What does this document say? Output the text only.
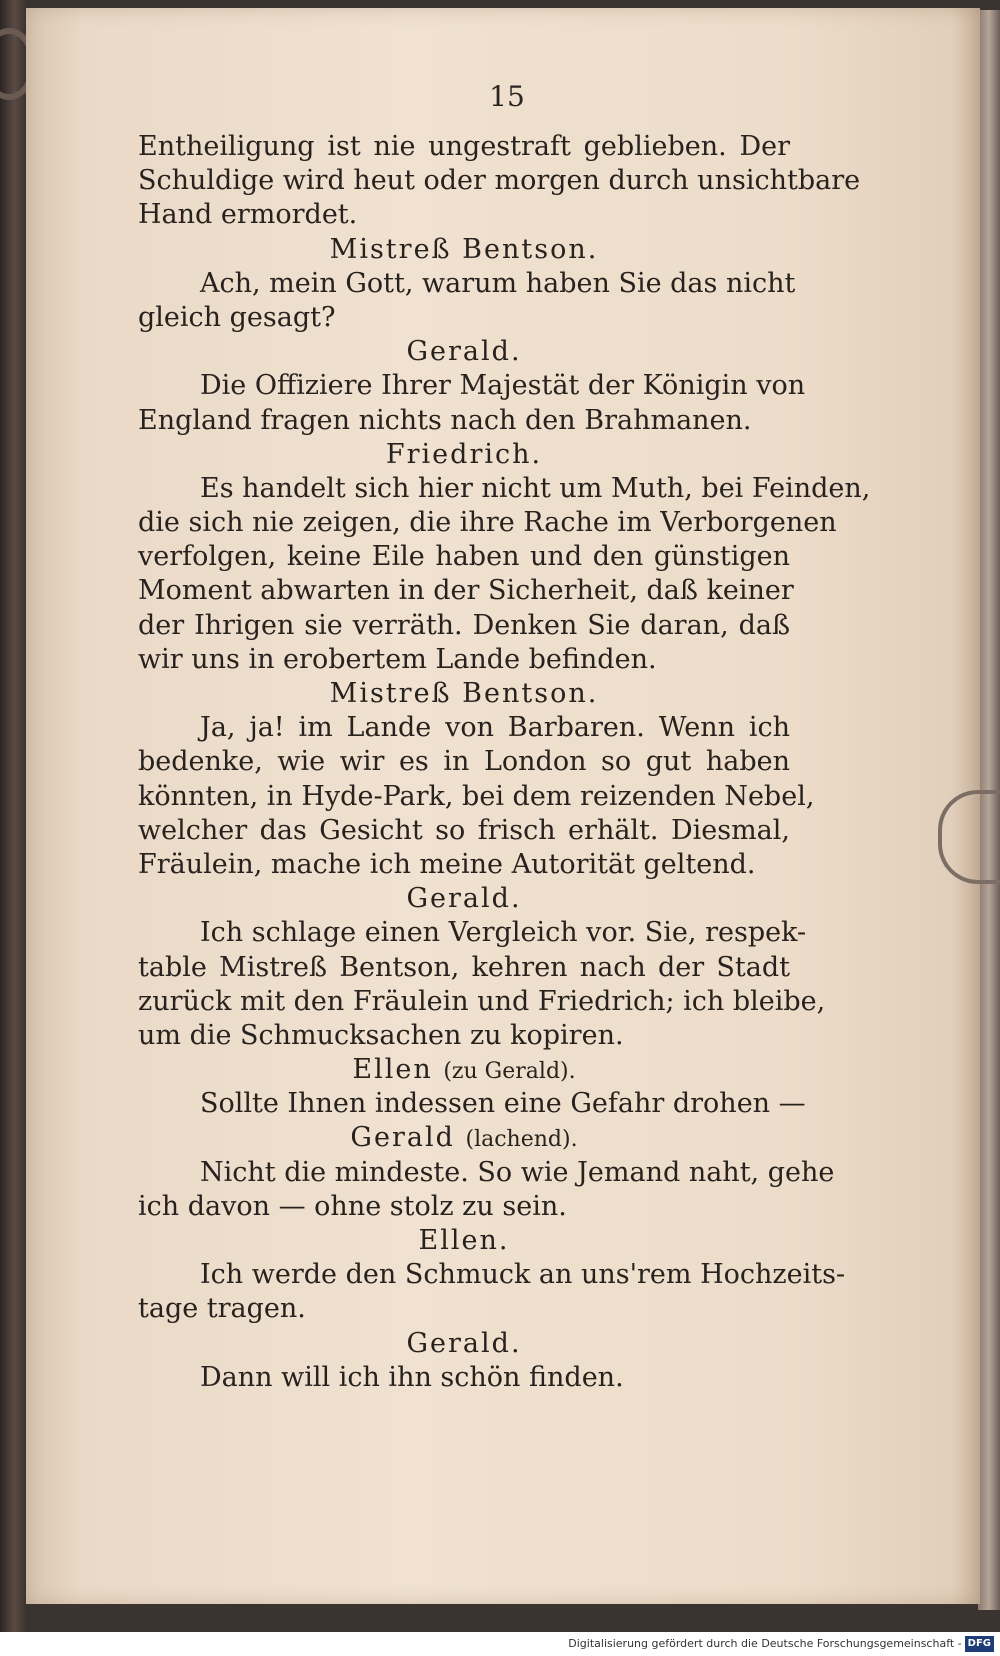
15
Entheiligung ist nie ungestraft geblieben. Der
Schuldige wird heut oder morgen durch unsichtbare
Hand ermordet.
Mistreß Bentson.
Ach, mein Gott, warum haben Sie das nicht
gleich gesagt?
Gerald.
Die Offiziere Ihrer Majestät der Königin von
England fragen nichts nach den Brahmanen.
Friedrich.
Es handelt sich hier nicht um Muth, bei Feinden,
die sich nie zeigen, die ihre Rache im Verborgenen
verfolgen, keine Eile haben und den günstigen
Moment abwarten in der Sicherheit, daß keiner
der Ihrigen sie verräth. Denken Sie daran, daß
wir uns in erobertem Lande befinden.
Mistreß Bentson.
Ja, ja! im Lande von Barbaren. Wenn ich
bedenke, wie wir es in London so gut haben
könnten, in Hyde-Park, bei dem reizenden Nebel,
welcher das Gesicht so frisch erhält. Diesmal,
Fräulein, mache ich meine Autorität geltend.
Gerald.
Ich schlage einen Vergleich vor. Sie, respek-
table Mistreß Bentson, kehren nach der Stadt
zurück mit den Fräulein und Friedrich; ich bleibe,
um die Schmucksachen zu kopiren.
Ellen (zu Gerald).
Sollte Ihnen indessen eine Gefahr drohen —
Gerald (lachend).
Nicht die mindeste. So wie Jemand naht, gehe
ich davon — ohne stolz zu sein.
Ellen.
Ich werde den Schmuck an uns'rem Hochzeits-
tage tragen.
Gerald.
Dann will ich ihn schön finden.
Digitalisierung gefördert durch die Deutsche Forschungsgemeinschaft - DFG
